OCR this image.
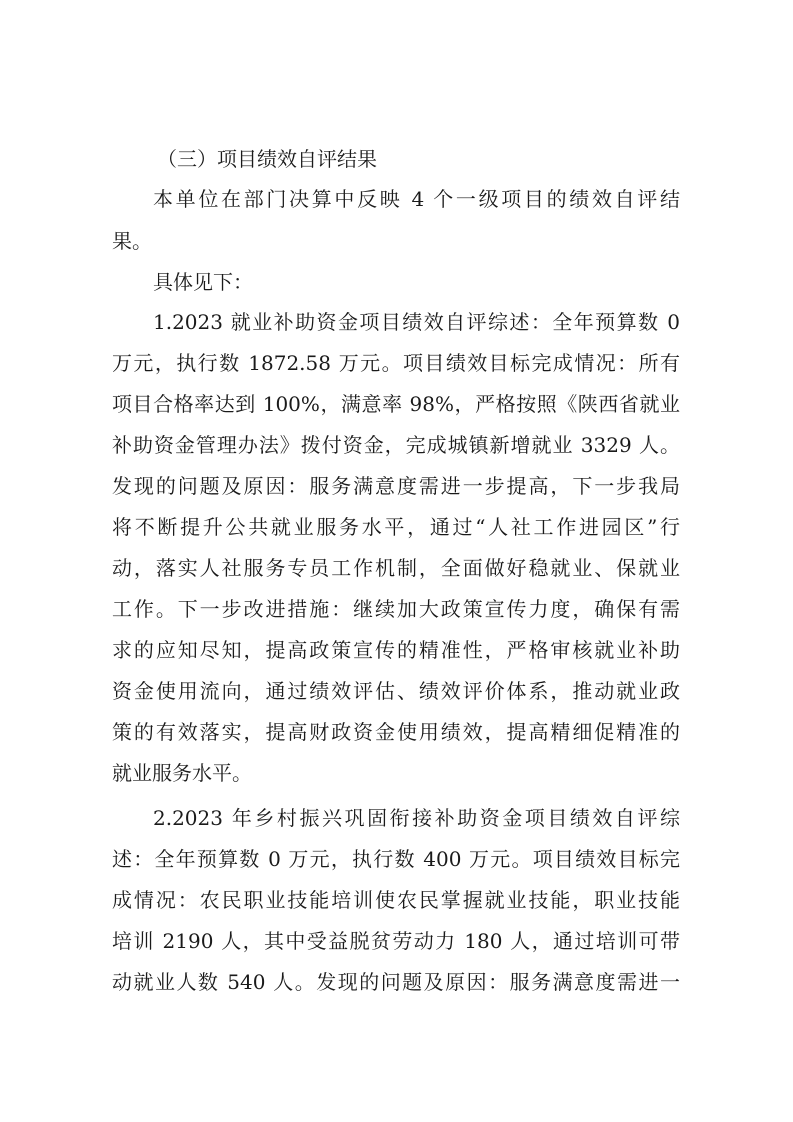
（三）项目绩效自评结果

本单位在部门决算中反映 4 个一级项目的绩效自评结

果。

具体见下：

1.2023 就业补助资金项目绩效自评综述：全年预算数 0

万元，执行数 1872.58 万元。项目绩效目标完成情况：所有

项目合格率达到 100%，满意率 98%，严格按照《陕西省就业

补助资金管理办法》拨付资金，完成城镇新增就业 3329 人。

发现的问题及原因：服务满意度需进一步提高，下一步我局

将不断提升公共就业服务水平，通过“人社工作进园区”行

动，落实人社服务专员工作机制，全面做好稳就业、保就业

工作。下一步改进措施：继续加大政策宣传力度，确保有需

求的应知尽知，提高政策宣传的精准性，严格审核就业补助

资金使用流向，通过绩效评估、绩效评价体系，推动就业政

策的有效落实，提高财政资金使用绩效，提高精细促精准的

就业服务水平。

2.2023 年乡村振兴巩固衔接补助资金项目绩效自评综

述：全年预算数 0 万元，执行数 400 万元。项目绩效目标完

成情况：农民职业技能培训使农民掌握就业技能，职业技能

培训 2190 人，其中受益脱贫劳动力 180 人，通过培训可带

动就业人数 540 人。发现的问题及原因：服务满意度需进一
